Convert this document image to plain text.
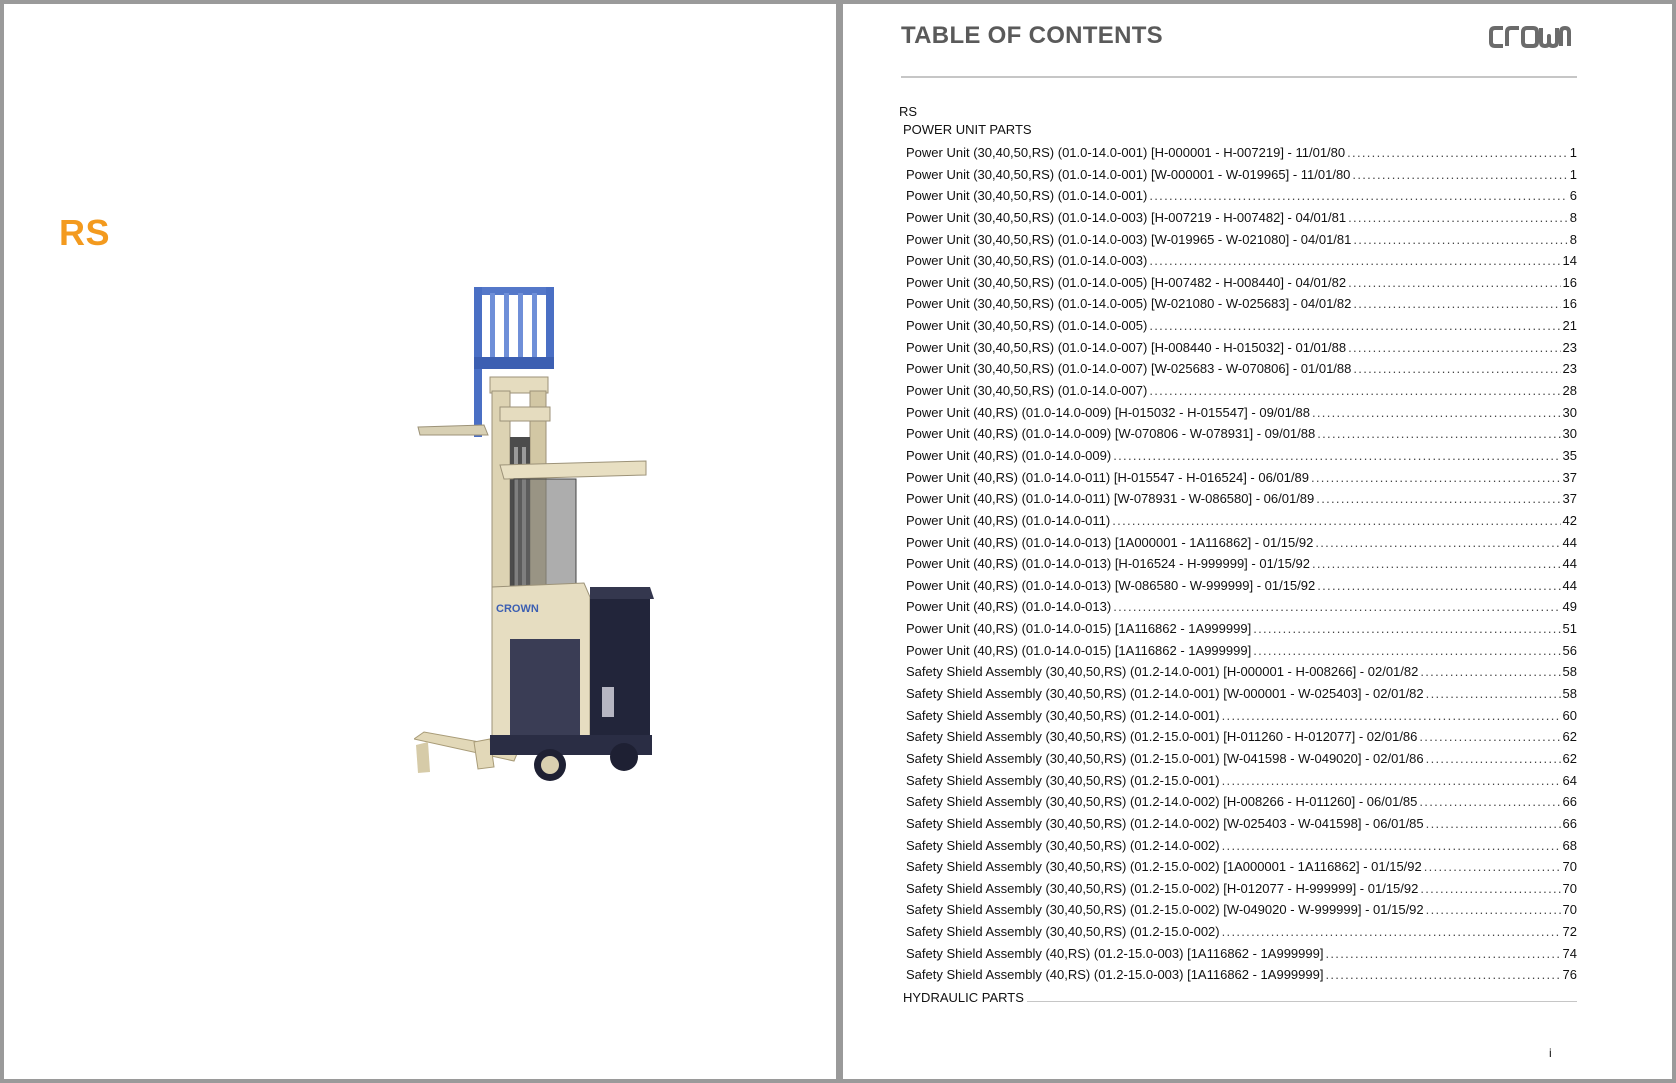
RS
CROWN
TABLE OF CONTENTS
RS
POWER UNIT PARTS
Power Unit (30,40,50,RS) (01.0-14.0-001) [H-000001 - H-007219] - 11/01/80 .....	1
Power Unit (30,40,50,RS) (01.0-14.0-001) [W-000001 - W-019965] - 11/01/80 .....	1
Power Unit (30,40,50,RS) (01.0-14.0-001) .....	6
Power Unit (30,40,50,RS) (01.0-14.0-003) [H-007219 - H-007482] - 04/01/81 .....	8
Power Unit (30,40,50,RS) (01.0-14.0-003) [W-019965 - W-021080] - 04/01/81 .....	8
Power Unit (30,40,50,RS) (01.0-14.0-003) .....	14
Power Unit (30,40,50,RS) (01.0-14.0-005) [H-007482 - H-008440] - 04/01/82 .....	16
Power Unit (30,40,50,RS) (01.0-14.0-005) [W-021080 - W-025683] - 04/01/82 .....	16
Power Unit (30,40,50,RS) (01.0-14.0-005) .....	21
Power Unit (30,40,50,RS) (01.0-14.0-007) [H-008440 - H-015032] - 01/01/88 .....	23
Power Unit (30,40,50,RS) (01.0-14.0-007) [W-025683 - W-070806] - 01/01/88 .....	23
Power Unit (30,40,50,RS) (01.0-14.0-007) .....	28
Power Unit (40,RS) (01.0-14.0-009) [H-015032 - H-015547] - 09/01/88 .....	30
Power Unit (40,RS) (01.0-14.0-009) [W-070806 - W-078931] - 09/01/88 .....	30
Power Unit (40,RS) (01.0-14.0-009) .....	35
Power Unit (40,RS) (01.0-14.0-011) [H-015547 - H-016524] - 06/01/89 .....	37
Power Unit (40,RS) (01.0-14.0-011) [W-078931 - W-086580] - 06/01/89 .....	37
Power Unit (40,RS) (01.0-14.0-011) .....	42
Power Unit (40,RS) (01.0-14.0-013) [1A000001 - 1A116862] - 01/15/92 .....	44
Power Unit (40,RS) (01.0-14.0-013) [H-016524 - H-999999] - 01/15/92 .....	44
Power Unit (40,RS) (01.0-14.0-013) [W-086580 - W-999999] - 01/15/92 .....	44
Power Unit (40,RS) (01.0-14.0-013) .....	49
Power Unit (40,RS) (01.0-14.0-015) [1A116862 - 1A999999] .....	51
Power Unit (40,RS) (01.0-14.0-015) [1A116862 - 1A999999] .....	56
Safety Shield Assembly (30,40,50,RS) (01.2-14.0-001) [H-000001 - H-008266] - 02/01/82 .....	58
Safety Shield Assembly (30,40,50,RS) (01.2-14.0-001) [W-000001 - W-025403] - 02/01/82 .....	58
Safety Shield Assembly (30,40,50,RS) (01.2-14.0-001) .....	60
Safety Shield Assembly (30,40,50,RS) (01.2-15.0-001) [H-011260 - H-012077] - 02/01/86 .....	62
Safety Shield Assembly (30,40,50,RS) (01.2-15.0-001) [W-041598 - W-049020] - 02/01/86 .....	62
Safety Shield Assembly (30,40,50,RS) (01.2-15.0-001) .....	64
Safety Shield Assembly (30,40,50,RS) (01.2-14.0-002) [H-008266 - H-011260] - 06/01/85 .....	66
Safety Shield Assembly (30,40,50,RS) (01.2-14.0-002) [W-025403 - W-041598] - 06/01/85 .....	66
Safety Shield Assembly (30,40,50,RS) (01.2-14.0-002) .....	68
Safety Shield Assembly (30,40,50,RS) (01.2-15.0-002) [1A000001 - 1A116862] - 01/15/92 .....	70
Safety Shield Assembly (30,40,50,RS) (01.2-15.0-002) [H-012077 - H-999999] - 01/15/92 .....	70
Safety Shield Assembly (30,40,50,RS) (01.2-15.0-002) [W-049020 - W-999999] - 01/15/92 .....	70
Safety Shield Assembly (30,40,50,RS) (01.2-15.0-002) .....	72
Safety Shield Assembly (40,RS) (01.2-15.0-003) [1A116862 - 1A999999] .....	74
Safety Shield Assembly (40,RS) (01.2-15.0-003) [1A116862 - 1A999999] .....	76
HYDRAULIC PARTS
i
